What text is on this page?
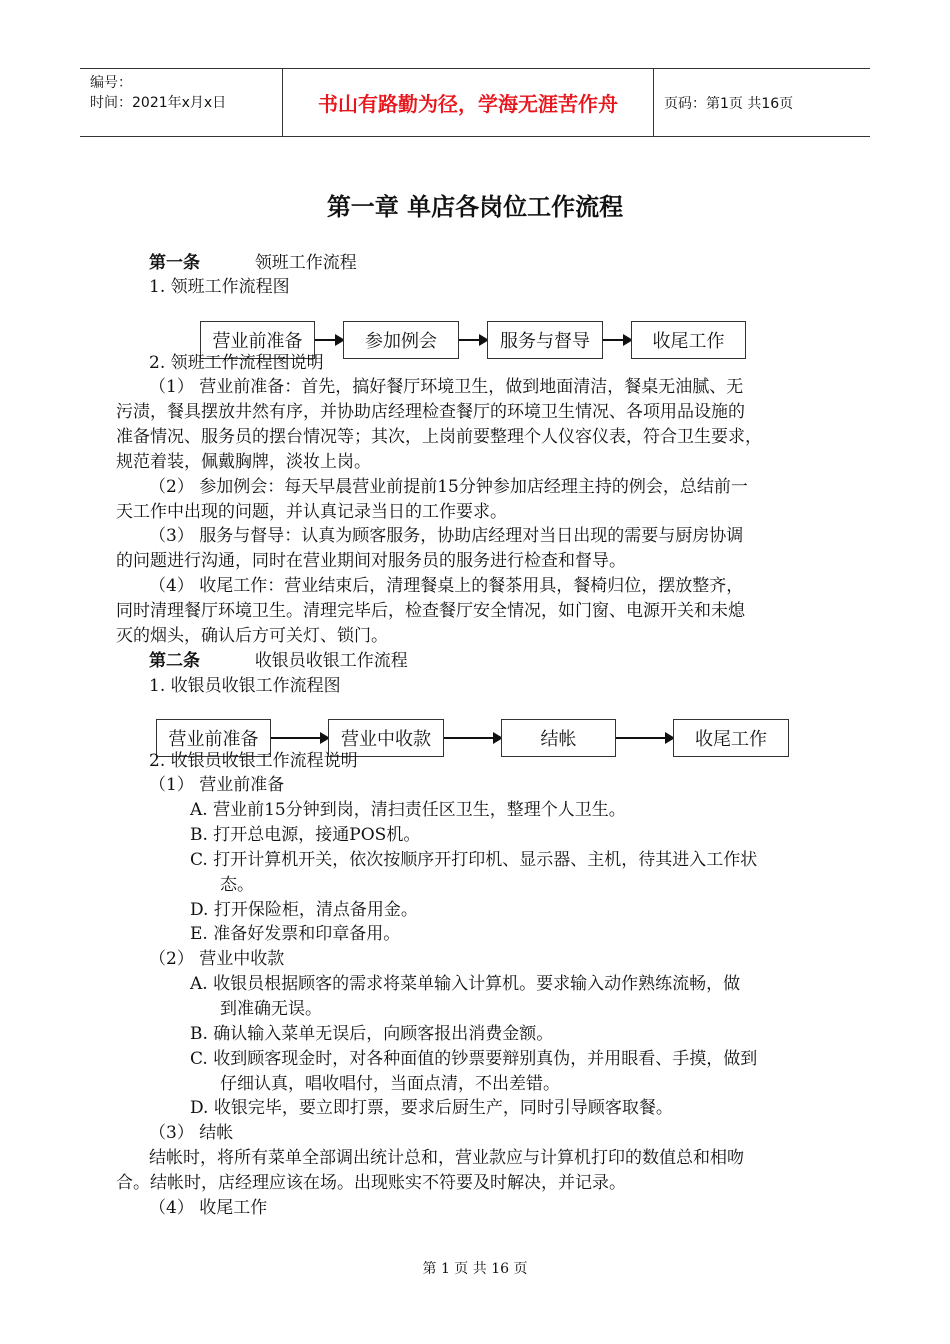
编号：
时间：2021年x月x日	书山有路勤为径，学海无涯苦作舟	页码：第1页 共16页
第一章 单店各岗位工作流程
第一条	领班工作流程
1. 领班工作流程图
营业前准备	参加例会	服务与督导	收尾工作
2. 领班工作流程图说明
（1） 营业前准备：首先，搞好餐厅环境卫生，做到地面清洁，餐桌无油腻、无
污渍，餐具摆放井然有序，并协助店经理检查餐厅的环境卫生情况、各项用品设施的
准备情况、服务员的摆台情况等；其次，上岗前要整理个人仪容仪表，符合卫生要求，
规范着装，佩戴胸牌，淡妆上岗。
（2） 参加例会：每天早晨营业前提前15分钟参加店经理主持的例会，总结前一
天工作中出现的问题，并认真记录当日的工作要求。
（3） 服务与督导：认真为顾客服务，协助店经理对当日出现的需要与厨房协调
的问题进行沟通，同时在营业期间对服务员的服务进行检查和督导。
（4） 收尾工作：营业结束后，清理餐桌上的餐茶用具，餐椅归位，摆放整齐，
同时清理餐厅环境卫生。清理完毕后，检查餐厅安全情况，如门窗、电源开关和未熄
灭的烟头，确认后方可关灯、锁门。
第二条	收银员收银工作流程
1. 收银员收银工作流程图
营业前准备	营业中收款	结帐	收尾工作
2. 收银员收银工作流程说明
（1） 营业前准备
A. 营业前15分钟到岗，清扫责任区卫生，整理个人卫生。
B. 打开总电源，接通POS机。
C. 打开计算机开关，依次按顺序开打印机、显示器、主机，待其进入工作状
态。
D. 打开保险柜，清点备用金。
E. 准备好发票和印章备用。
（2） 营业中收款
A. 收银员根据顾客的需求将菜单输入计算机。要求输入动作熟练流畅，做
到准确无误。
B. 确认输入菜单无误后，向顾客报出消费金额。
C. 收到顾客现金时，对各种面值的钞票要辩别真伪，并用眼看、手摸，做到
仔细认真，唱收唱付，当面点清，不出差错。
D. 收银完毕，要立即打票，要求后厨生产，同时引导顾客取餐。
（3） 结帐
结帐时，将所有菜单全部调出统计总和，营业款应与计算机打印的数值总和相吻
合。结帐时，店经理应该在场。出现账实不符要及时解决，并记录。
（4） 收尾工作
第 1 页 共 16 页
